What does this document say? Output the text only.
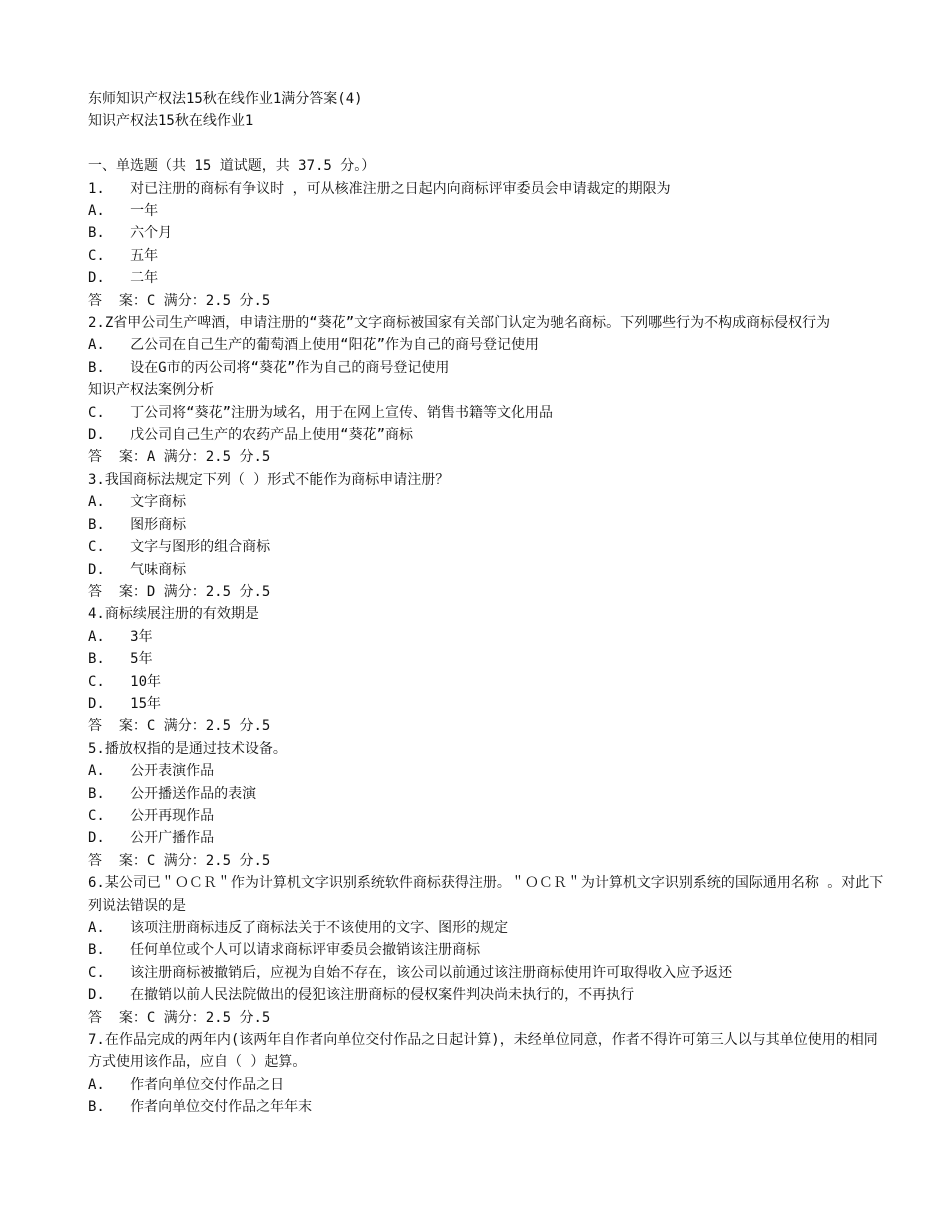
东师知识产权法15秋在线作业1满分答案(4)

知识产权法15秋在线作业1

一、单选题（共 15 道试题，共 37.5 分。）

1.   对已注册的商标有争议时 ，可从核准注册之日起内向商标评审委员会申请裁定的期限为

A.   一年

B.   六个月

C.   五年

D.   二年

答  案：C 满分：2.5 分.5

2.Z省甲公司生产啤酒，申请注册的“葵花”文字商标被国家有关部门认定为驰名商标。下列哪些行为不构成商标侵权行为

A.   乙公司在自己生产的葡萄酒上使用“阳花”作为自己的商号登记使用

B.   设在G市的丙公司将“葵花”作为自己的商号登记使用

知识产权法案例分析

C.   丁公司将“葵花”注册为域名，用于在网上宣传、销售书籍等文化用品

D.   戊公司自己生产的农药产品上使用“葵花”商标

答  案：A 满分：2.5 分.5

3.我国商标法规定下列（ ）形式不能作为商标申请注册？

A.   文字商标

B.   图形商标

C.   文字与图形的组合商标

D.   气味商标

答  案：D 满分：2.5 分.5

4.商标续展注册的有效期是

A.   3年

B.   5年

C.   10年

D.   15年

答  案：C 满分：2.5 分.5

5.播放权指的是通过技术设备。

A.   公开表演作品

B.   公开播送作品的表演

C.   公开再现作品

D.   公开广播作品

答  案：C 满分：2.5 分.5

6.某公司已＂ＯＣＲ＂作为计算机文字识别系统软件商标获得注册。＂ＯＣＲ＂为计算机文字识别系统的国际通用名称 。对此下列说法错误的是

A.   该项注册商标违反了商标法关于不该使用的文字、图形的规定

B.   任何单位或个人可以请求商标评审委员会撤销该注册商标

C.   该注册商标被撤销后，应视为自始不存在，该公司以前通过该注册商标使用许可取得收入应予返还

D.   在撤销以前人民法院做出的侵犯该注册商标的侵权案件判决尚未执行的，不再执行

答  案：C 满分：2.5 分.5

7.在作品完成的两年内(该两年自作者向单位交付作品之日起计算)，未经单位同意，作者不得许可第三人以与其单位使用的相同方式使用该作品，应自（ ）起算。

A.   作者向单位交付作品之日

B.   作者向单位交付作品之年年末
